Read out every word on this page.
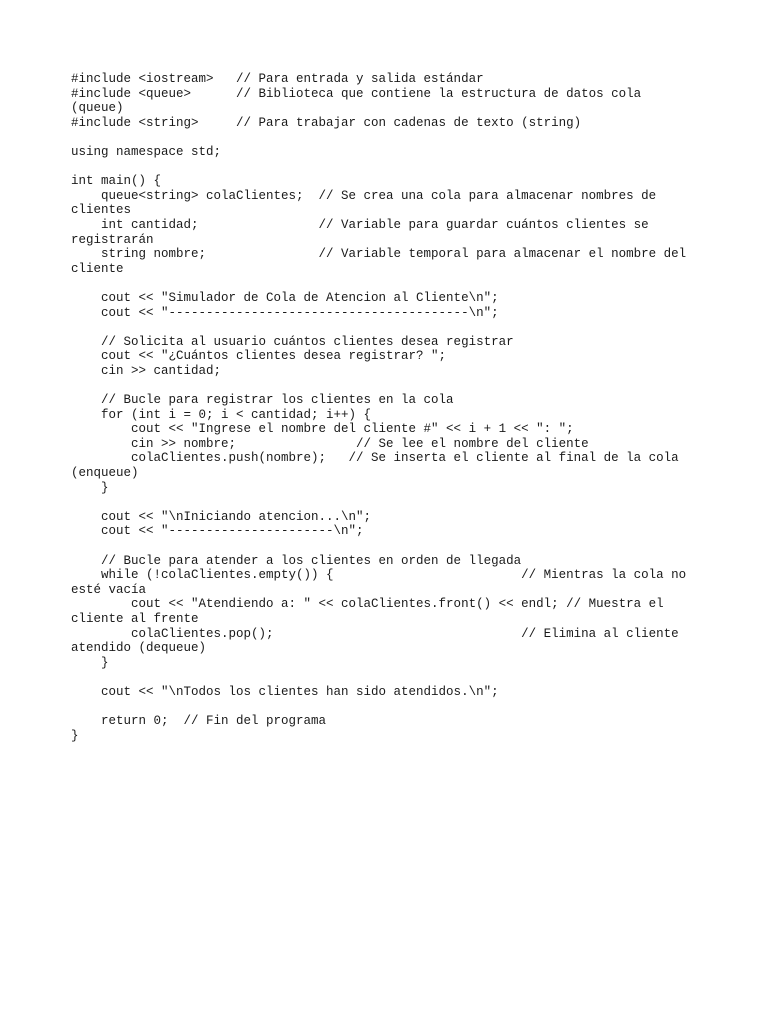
#include <iostream>   // Para entrada y salida estándar
#include <queue>      // Biblioteca que contiene la estructura de datos cola
(queue)
#include <string>     // Para trabajar con cadenas de texto (string)
using namespace std;
int main() {
queue<string> colaClientes;  // Se crea una cola para almacenar nombres de
clientes
int cantidad;                // Variable para guardar cuántos clientes se
registrarán
string nombre;               // Variable temporal para almacenar el nombre del
cliente
cout << "Simulador de Cola de Atencion al Cliente\n";
cout << "----------------------------------------\n";
// Solicita al usuario cuántos clientes desea registrar
cout << "¿Cuántos clientes desea registrar? ";
cin >> cantidad;
// Bucle para registrar los clientes en la cola
for (int i = 0; i < cantidad; i++) {
cout << "Ingrese el nombre del cliente #" << i + 1 << ": ";
cin >> nombre;                // Se lee el nombre del cliente
colaClientes.push(nombre);   // Se inserta el cliente al final de la cola
(enqueue)
}
cout << "\nIniciando atencion...\n";
cout << "----------------------\n";
// Bucle para atender a los clientes en orden de llegada
while (!colaClientes.empty()) {                         // Mientras la cola no
esté vacía
cout << "Atendiendo a: " << colaClientes.front() << endl; // Muestra el
cliente al frente
colaClientes.pop();                                 // Elimina al cliente
atendido (dequeue)
}
cout << "\nTodos los clientes han sido atendidos.\n";
return 0;  // Fin del programa
}
